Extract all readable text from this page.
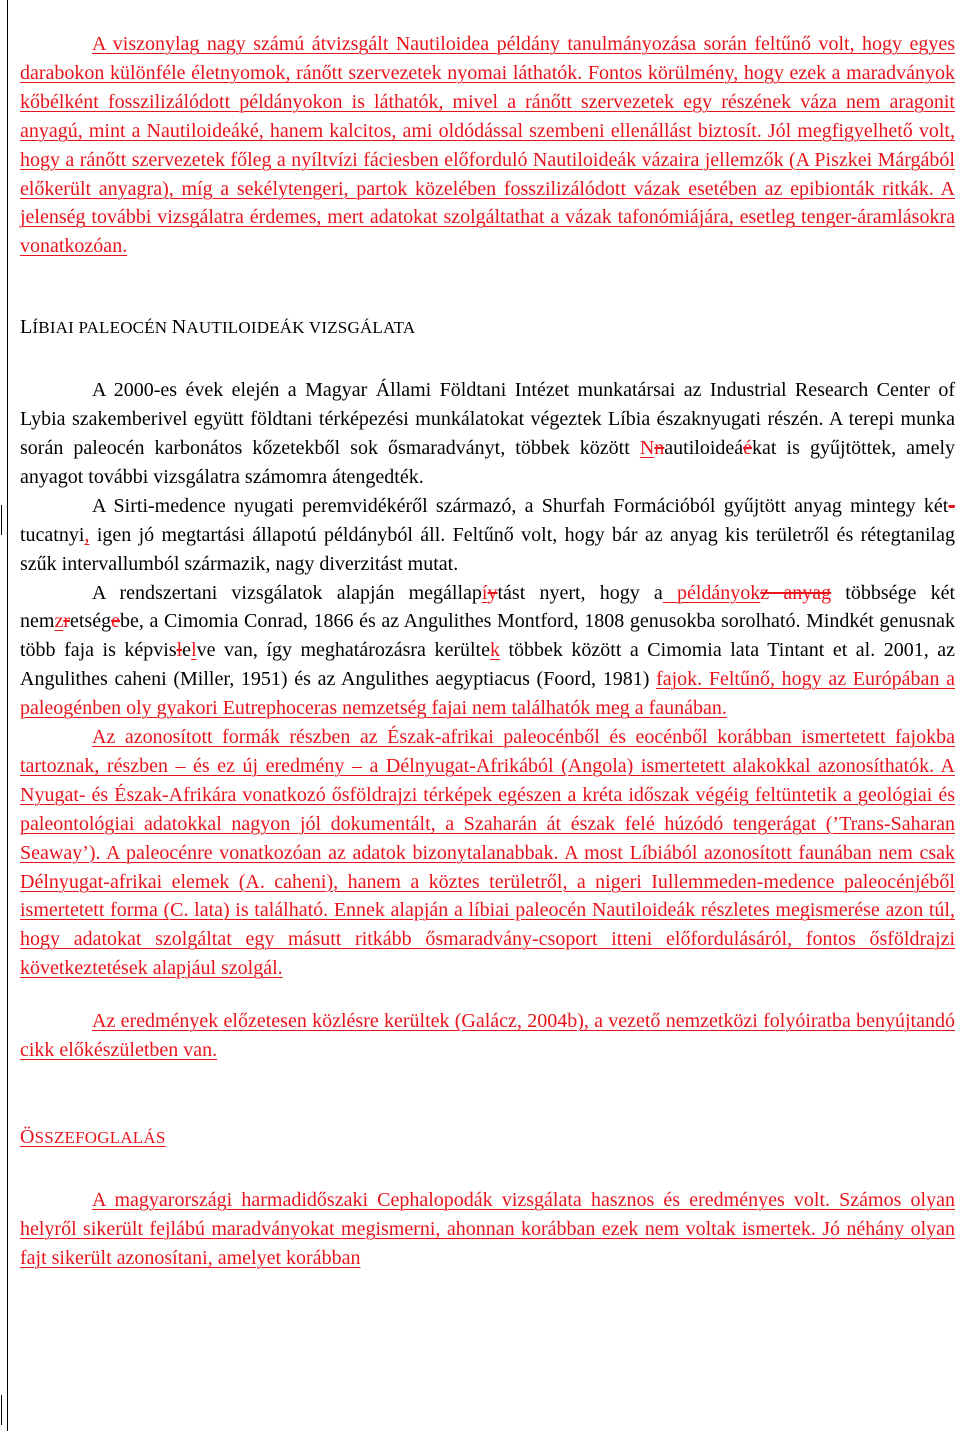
A viszonylag nagy számú átvizsgált Nautiloidea példány tanulmányozása során feltűnő volt, hogy egyes darabokon különféle életnyomok, ránőtt szervezetek nyomai láthatók. Fontos körülmény, hogy ezek a maradványok kőbélként fosszilizálódott példányokon is láthatók, mivel a ránőtt szervezetek egy részének váza nem aragonit anyagú, mint a Nautiloideáké, hanem kalcitos, ami oldódással szembeni ellenállást biztosít. Jól megfigyelhető volt, hogy a ránőtt szervezetek főleg a nyíltvízi fáciesben előforduló Nautiloideák vázaira jellemzők (A Piszkei Márgából előkerült anyagra), míg a sekélytengeri, partok közelében fosszilizálódott vázak esetében az epibionták ritkák. A jelenség további vizsgálatra érdemes, mert adatokat szolgáltathat a vázak tafonómiájára, esetleg tenger-áramlásokra vonatkozóan.

LÍBIAI PALEOCÉN NAUTILOIDEÁK VIZSGÁLATA

A 2000-es évek elején a Magyar Állami Földtani Intézet munkatársai az Industrial Research Center of Lybia szakemberivel együtt földtani térképezési munkálatokat végeztek Líbia északnyugati részén. A terepi munka során paleocén karbonátos kőzetekből sok ősmaradványt, többek között Nnautiloideáékat is gyűjtöttek, amely anyagot további vizsgálatra számomra átengedték.

A Sirti-medence nyugati peremvidékéről származó, a Shurfah Formációból gyűjtött anyag mintegy két-tucatnyi, igen jó megtartási állapotú példányból áll. Feltűnő volt, hogy bár az anyag kis területről és rétegtanilag szűk intervallumból származik, nagy diverzitást mutat.

A rendszertani vizsgálatok alapján megállapíytást nyert, hogy a példányokz anyag többsége két nemzretségebe, a Cimomia Conrad, 1866 és az Angulithes Montford, 1808 genusokba sorolható. Mindkét genusnak több faja is képvislelve van, így meghatározásra kerültek többek között a Cimomia lata Tintant et al. 2001, az Angulithes caheni (Miller, 1951) és az Angulithes aegyptiacus (Foord, 1981) fajok. Feltűnő, hogy az Európában a paleogénben oly gyakori Eutrephoceras nemzetség fajai nem találhatók meg a faunában.

Az azonosított formák részben az Észak-afrikai paleocénből és eocénből korábban ismertetett fajokba tartoznak, részben – és ez új eredmény – a Délnyugat-Afrikából (Angola) ismertetett alakokkal azonosíthatók. A Nyugat- és Észak-Afrikára vonatkozó ősföldrajzi térképek egészen a kréta időszak végéig feltüntetik a geológiai és paleontológiai adatokkal nagyon jól dokumentált, a Szaharán át észak felé húzódó tengerágat (’Trans-Saharan Seaway’). A paleocénre vonatkozóan az adatok bizonytalanabbak. A most Líbiából azonosított faunában nem csak Délnyugat-afrikai elemek (A. caheni), hanem a köztes területről, a nigeri Iullemmeden-medence paleocénjéből ismertetett forma (C. lata) is található. Ennek alapján a líbiai paleocén Nautiloideák részletes megismerése azon túl, hogy adatokat szolgáltat egy másutt ritkább ősmaradvány-csoport itteni előfordulásáról, fontos ősföldrajzi következtetések alapjául szolgál.

Az eredmények előzetesen közlésre kerültek (Galácz, 2004b), a vezető nemzetközi folyóiratba benyújtandó cikk előkészületben van.

ÖSSZEFOGLALÁS

A magyarországi harmadidőszaki Cephalopodák vizsgálata hasznos és eredményes volt. Számos olyan helyről sikerült fejlábú maradványokat megismerni, ahonnan korábban ezek nem voltak ismertek. Jó néhány olyan fajt sikerült azonosítani, amelyet korábban
